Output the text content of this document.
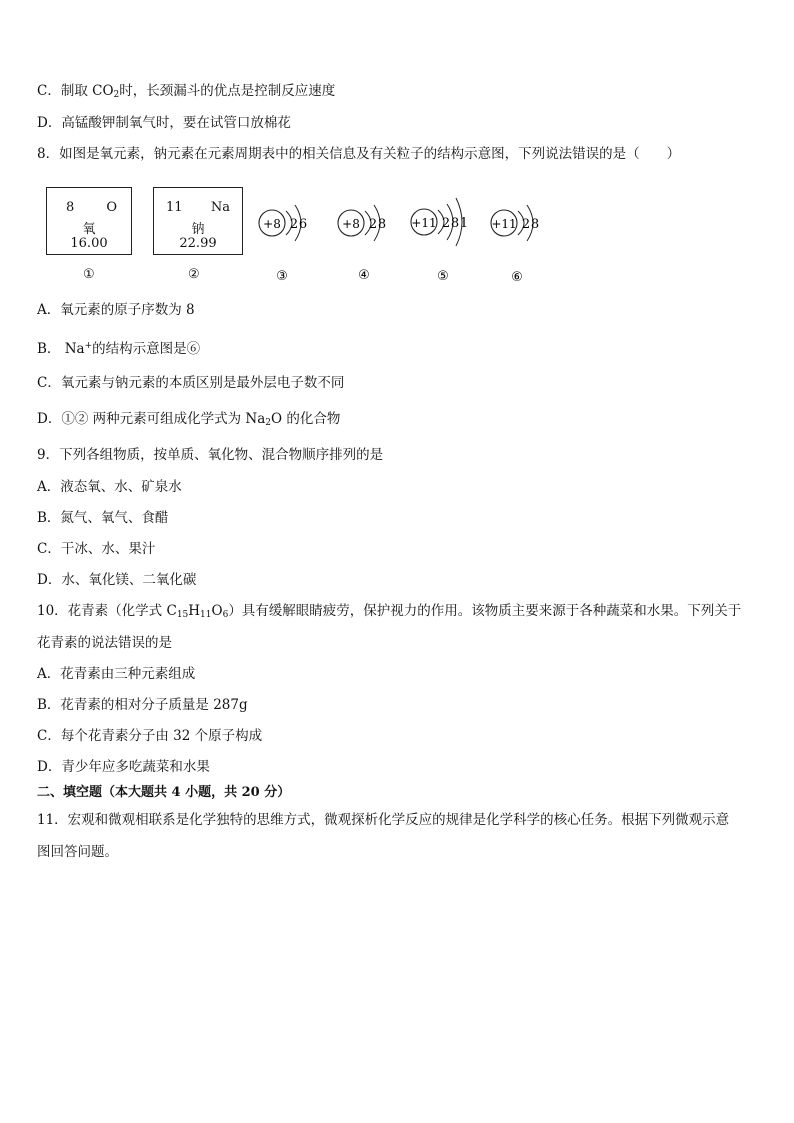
C．制取 $CO_2$时，长颈漏斗的优点是控制反应速度
D．高锰酸钾制氧气时，要在试管口放棉花
8．如图是氧元素，钠元素在元素周期表中的相关信息及有关粒子的结构示意图，下列说法错误的是（　　）
8 O
氧
16.00
①
11 Na
钠
22.99
②
+8 2 6
③
+8 2 8
④
+11 2 8 1
⑤
+11 2 8
⑥
A．氧元素的原子序数为 8
B． Na+的结构示意图是⑥
C．氧元素与钠元素的本质区别是最外层电子数不同
D．①② 两种元素可组成化学式为 $Na_2O$ 的化合物
9．下列各组物质，按单质、氧化物、混合物顺序排列的是
A．液态氧、水、矿泉水
B．氮气、氧气、食醋
C．干冰、水、果汁
D．水、氧化镁、二氧化碳
10．花青素（化学式 $C_{15}H_{11}O_6$）具有缓解眼睛疲劳，保护视力的作用。该物质主要来源于各种蔬菜和水果。下列关于
花青素的说法错误的是
A．花青素由三种元素组成
B．花青素的相对分子质量是 287g
C．每个花青素分子由 32 个原子构成
D．青少年应多吃蔬菜和水果
二、填空题（本大题共 4 小题，共 20 分）
11．宏观和微观相联系是化学独特的思维方式，微观探析化学反应的规律是化学科学的核心任务。根据下列微观示意
图回答问题。
